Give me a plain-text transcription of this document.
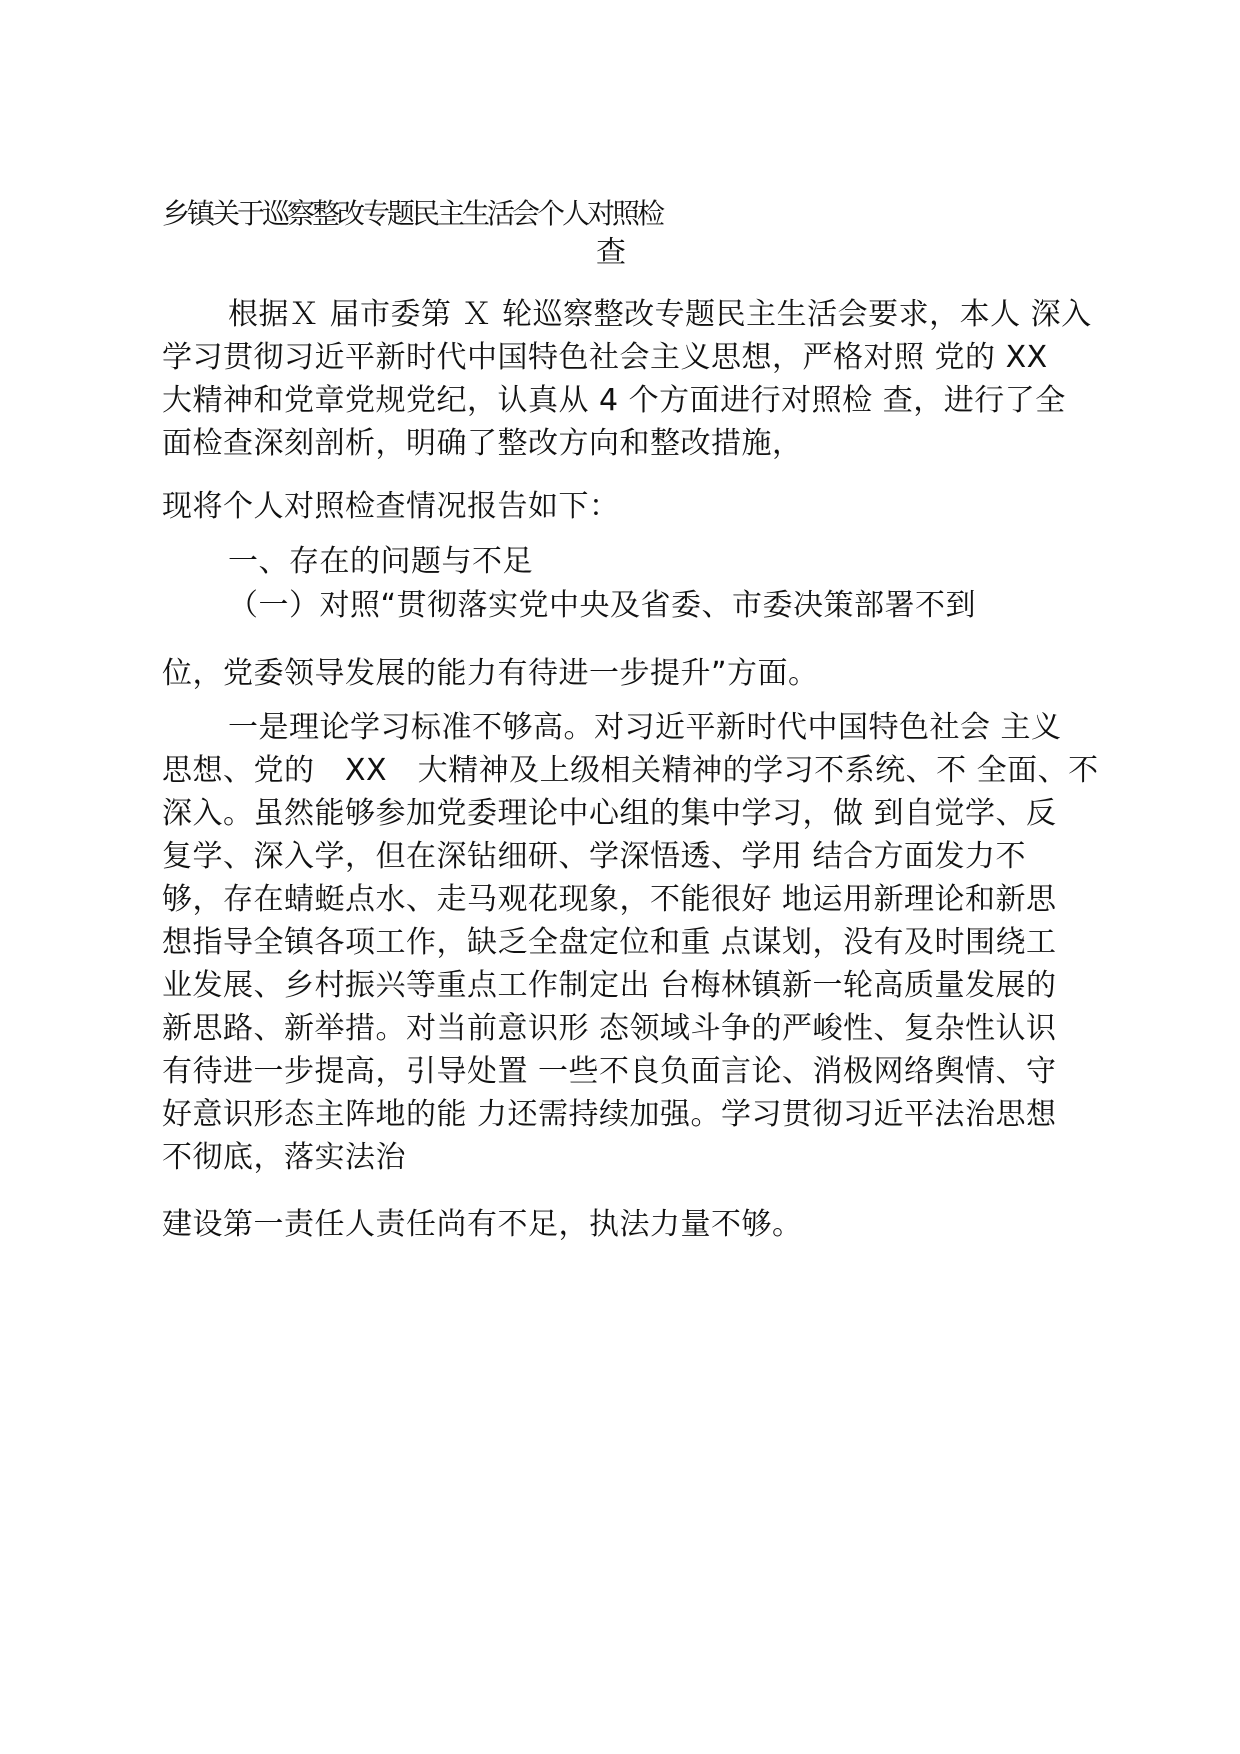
乡镇关于巡察整改专题民主生活会个人对照检
查
根据Ｘ 届市委第 Ｘ 轮巡察整改专题民主生活会要求，本人 深入
学习贯彻习近平新时代中国特色社会主义思想，严格对照 党的 XX
大精神和党章党规党纪，认真从 4 个方面进行对照检 查，进行了全
面检查深刻剖析，明确了整改方向和整改措施，
现将个人对照检查情况报告如下：
一、存在的问题与不足
（一）对照“贯彻落实党中央及省委、市委决策部署不到
位，党委领导发展的能力有待进一步提升”方面。
一是理论学习标准不够高。对习近平新时代中国特色社会 主义
思想、党的　XX　大精神及上级相关精神的学习不系统、不 全面、不
深入。虽然能够参加党委理论中心组的集中学习，做 到自觉学、反
复学、深入学，但在深钻细研、学深悟透、学用 结合方面发力不
够，存在蜻蜓点水、走马观花现象，不能很好 地运用新理论和新思
想指导全镇各项工作，缺乏全盘定位和重 点谋划，没有及时围绕工
业发展、乡村振兴等重点工作制定出 台梅林镇新一轮高质量发展的
新思路、新举措。对当前意识形 态领域斗争的严峻性、复杂性认识
有待进一步提高，引导处置 一些不良负面言论、消极网络舆情、守
好意识形态主阵地的能 力还需持续加强。学习贯彻习近平法治思想
不彻底，落实法治
建设第一责任人责任尚有不足，执法力量不够。
